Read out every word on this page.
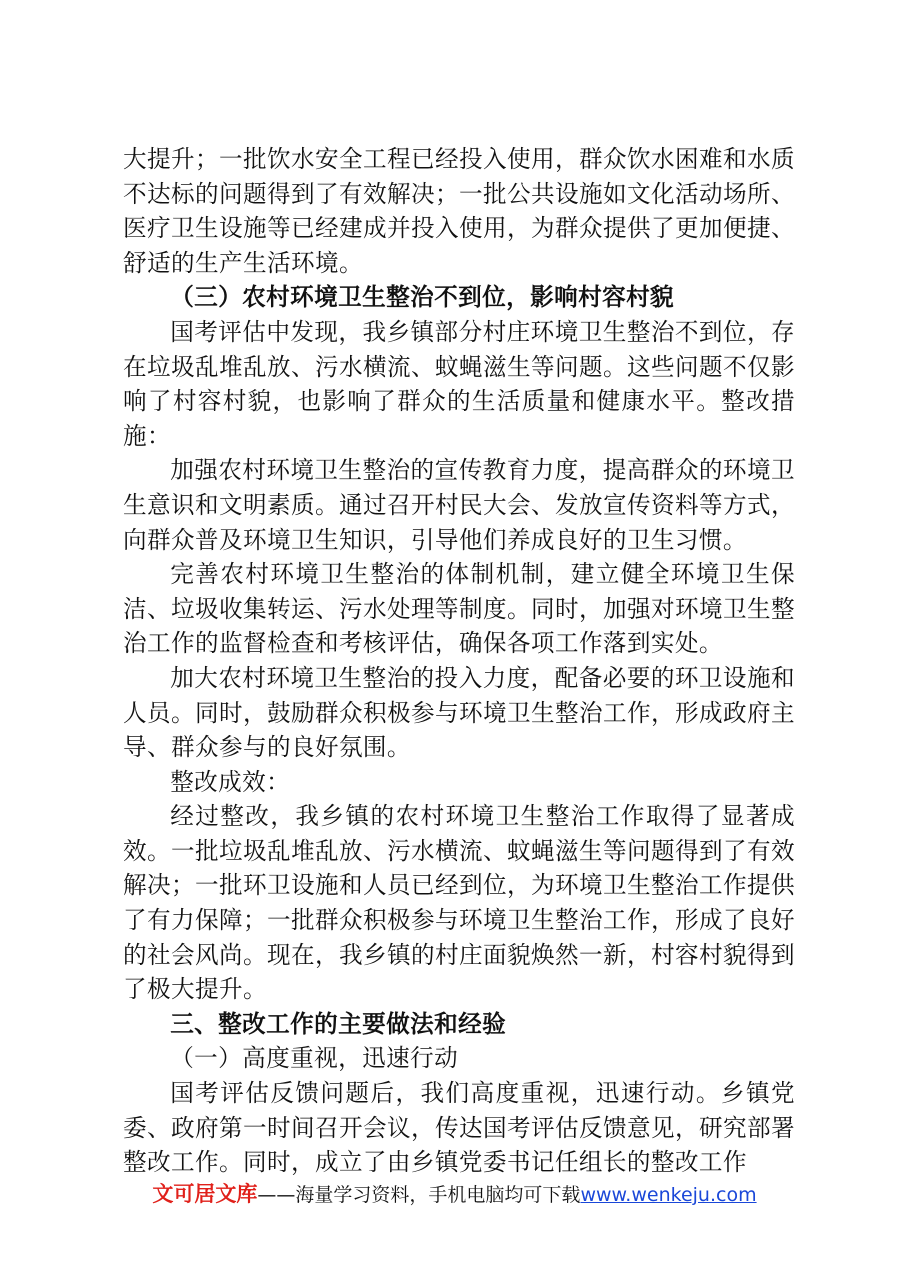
大提升；一批饮水安全工程已经投入使用，群众饮水困难和水质不达标的问题得到了有效解决；一批公共设施如文化活动场所、医疗卫生设施等已经建成并投入使用，为群众提供了更加便捷、舒适的生产生活环境。

（三）农村环境卫生整治不到位，影响村容村貌

国考评估中发现，我乡镇部分村庄环境卫生整治不到位，存在垃圾乱堆乱放、污水横流、蚊蝇滋生等问题。这些问题不仅影响了村容村貌，也影响了群众的生活质量和健康水平。整改措施：

加强农村环境卫生整治的宣传教育力度，提高群众的环境卫生意识和文明素质。通过召开村民大会、发放宣传资料等方式，向群众普及环境卫生知识，引导他们养成良好的卫生习惯。

完善农村环境卫生整治的体制机制，建立健全环境卫生保洁、垃圾收集转运、污水处理等制度。同时，加强对环境卫生整治工作的监督检查和考核评估，确保各项工作落到实处。

加大农村环境卫生整治的投入力度，配备必要的环卫设施和人员。同时，鼓励群众积极参与环境卫生整治工作，形成政府主导、群众参与的良好氛围。

整改成效：

经过整改，我乡镇的农村环境卫生整治工作取得了显著成效。一批垃圾乱堆乱放、污水横流、蚊蝇滋生等问题得到了有效解决；一批环卫设施和人员已经到位，为环境卫生整治工作提供了有力保障；一批群众积极参与环境卫生整治工作，形成了良好的社会风尚。现在，我乡镇的村庄面貌焕然一新，村容村貌得到了极大提升。

三、整改工作的主要做法和经验

（一）高度重视，迅速行动

国考评估反馈问题后，我们高度重视，迅速行动。乡镇党委、政府第一时间召开会议，传达国考评估反馈意见，研究部署整改工作。同时，成立了由乡镇党委书记任组长的整改工作

文可居文库——海量学习资料，手机电脑均可下载www.wenkeju.com
